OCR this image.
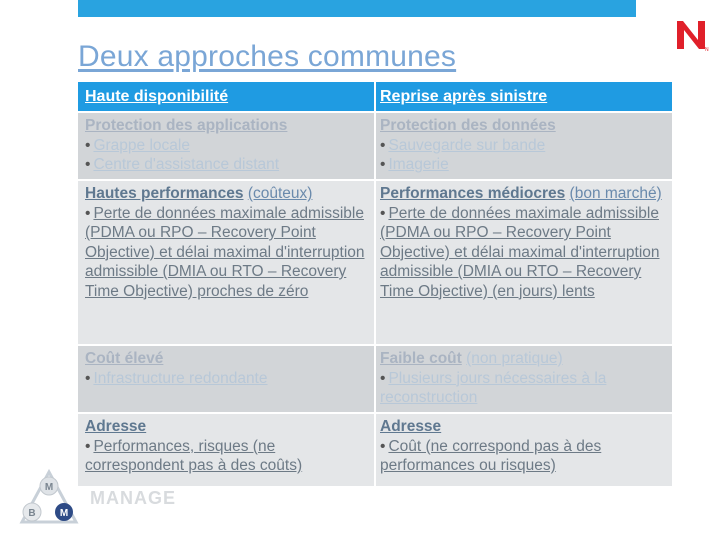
N
Deux approches communes
Haute disponibilité	Reprise après sinistre
Protection des applications
• Grappe locale
• Centre d'assistance distant
Protection des données
• Sauvegarde sur bande
• Imagerie
Hautes performances (coûteux)
• Perte de données maximale admissible (PDMA ou RPO – Recovery Point Objective) et délai maximal d'interruption admissible (DMIA ou RTO – Recovery Time Objective) proches de zéro
Performances médiocres (bon marché)
• Perte de données maximale admissible (PDMA ou RPO – Recovery Point Objective) et délai maximal d'interruption admissible (DMIA ou RTO – Recovery Time Objective) (en jours) lents
Coût élevé
• Infrastructure redondante
Faible coût (non pratique)
• Plusieurs jours nécessaires à la reconstruction
Adresse
• Performances, risques (ne correspondent pas à des coûts)
Adresse
• Coût (ne correspond pas à des performances ou risques)
M
B M
MANAGE
